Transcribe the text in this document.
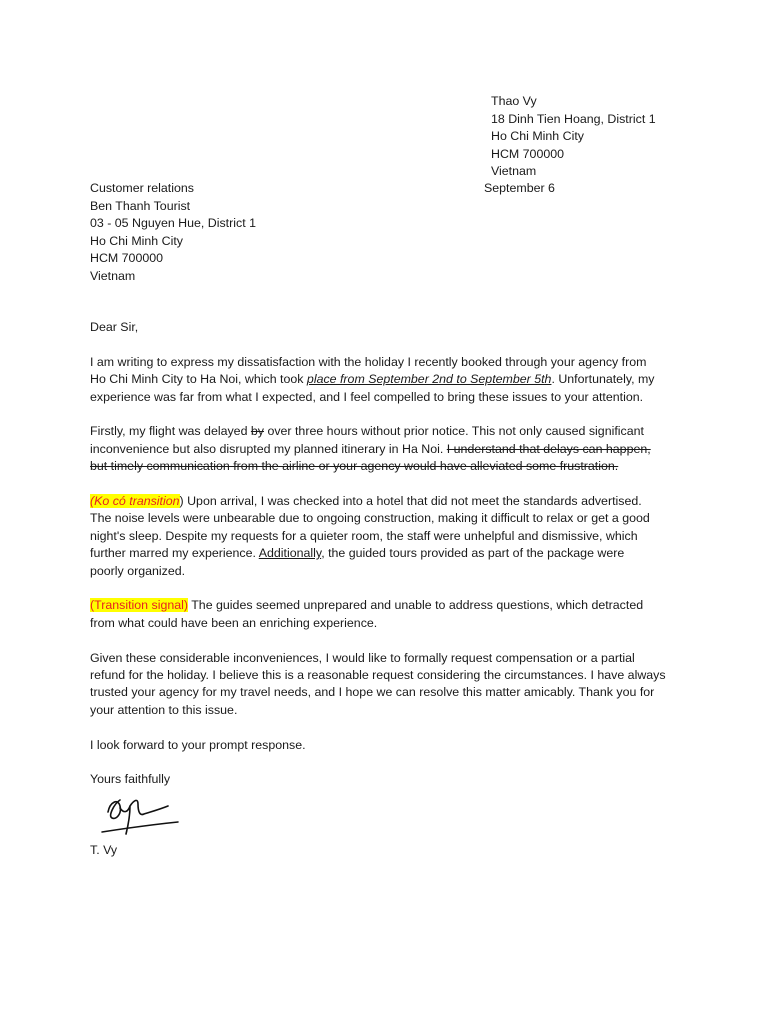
Thao Vy
18 Dinh Tien Hoang, District 1
Ho Chi Minh City
HCM 700000
Vietnam
September 6
Customer relations
Ben Thanh Tourist
03 - 05 Nguyen Hue, District 1
Ho Chi Minh City
HCM 700000
Vietnam

Dear Sir,

I am writing to express my dissatisfaction with the holiday I recently booked through your agency from
Ho Chi Minh City to Ha Noi, which took place from September 2nd to September 5th. Unfortunately, my
experience was far from what I expected, and I feel compelled to bring these issues to your attention.

Firstly, my flight was delayed by over three hours without prior notice. This not only caused significant
inconvenience but also disrupted my planned itinerary in Ha Noi. I understand that delays can happen,
but timely communication from the airline or your agency would have alleviated some frustration.

(Ko có transition) Upon arrival, I was checked into a hotel that did not meet the standards advertised.
The noise levels were unbearable due to ongoing construction, making it difficult to relax or get a good
night's sleep. Despite my requests for a quieter room, the staff were unhelpful and dismissive, which
further marred my experience. Additionally, the guided tours provided as part of the package were
poorly organized.

(Transition signal) The guides seemed unprepared and unable to address questions, which detracted
from what could have been an enriching experience.

Given these considerable inconveniences, I would like to formally request compensation or a partial
refund for the holiday. I believe this is a reasonable request considering the circumstances. I have always
trusted your agency for my travel needs, and I hope we can resolve this matter amicably. Thank you for
your attention to this issue.

I look forward to your prompt response.

Yours faithfully

T. Vy
